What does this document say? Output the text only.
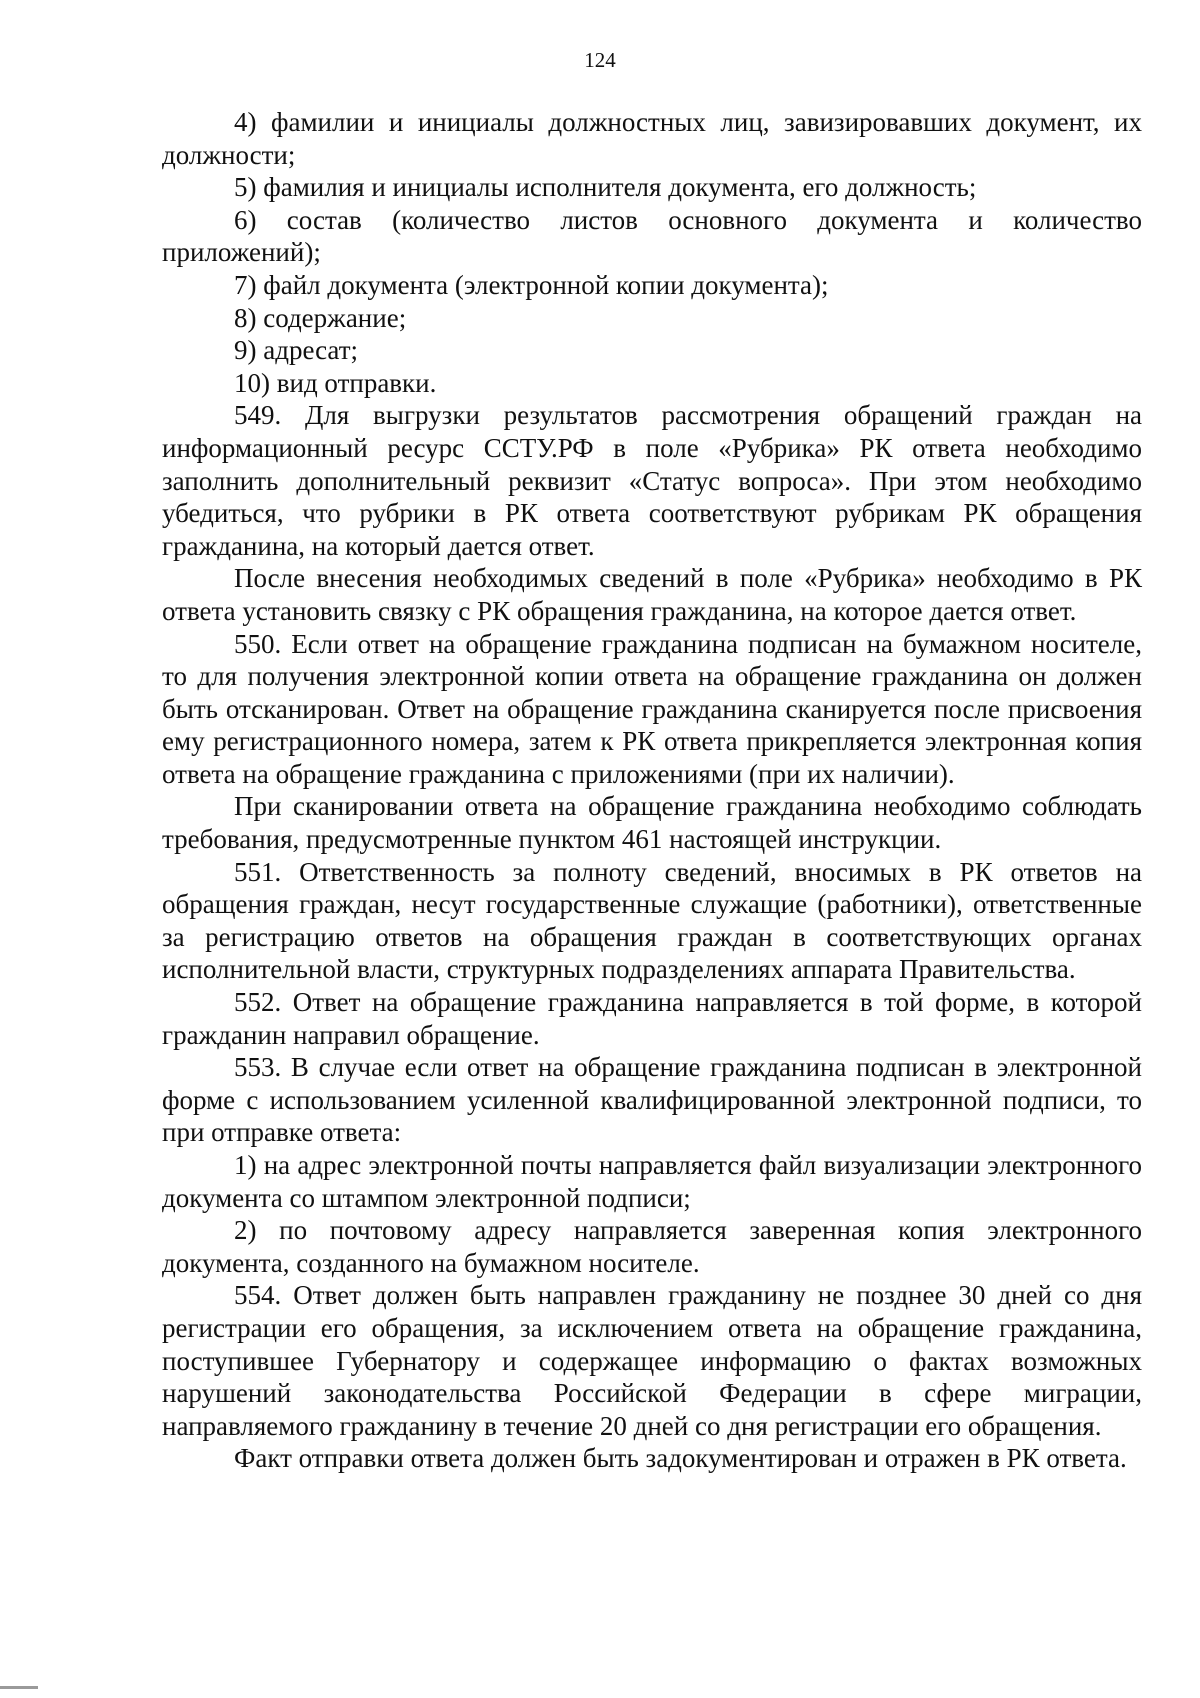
124

4) фамилии и инициалы должностных лиц, завизировавших документ, их должности;

5) фамилия и инициалы исполнителя документа, его должность;

6) состав (количество листов основного документа и количество приложений);

7) файл документа (электронной копии документа);

8) содержание;

9) адресат;

10) вид отправки.

549. Для выгрузки результатов рассмотрения обращений граждан на информационный ресурс ССТУ.РФ в поле «Рубрика» РК ответа необходимо заполнить дополнительный реквизит «Статус вопроса». При этом необходимо убедиться, что рубрики в РК ответа соответствуют рубрикам РК обращения гражданина, на который дается ответ.

После внесения необходимых сведений в поле «Рубрика» необходимо в РК ответа установить связку с РК обращения гражданина, на которое дается ответ.

550. Если ответ на обращение гражданина подписан на бумажном носителе, то для получения электронной копии ответа на обращение гражданина он должен быть отсканирован. Ответ на обращение гражданина сканируется после присвоения ему регистрационного номера, затем к РК ответа прикрепляется электронная копия ответа на обращение гражданина с приложениями (при их наличии).

При сканировании ответа на обращение гражданина необходимо соблюдать требования, предусмотренные пунктом 461 настоящей инструкции.

551. Ответственность за полноту сведений, вносимых в РК ответов на обращения граждан, несут государственные служащие (работники), ответственные за регистрацию ответов на обращения граждан в соответствующих органах исполнительной власти, структурных подразделениях аппарата Правительства.

552. Ответ на обращение гражданина направляется в той форме, в которой гражданин направил обращение.

553. В случае если ответ на обращение гражданина подписан в электронной форме с использованием усиленной квалифицированной электронной подписи, то при отправке ответа:

1) на адрес электронной почты направляется файл визуализации электронного документа со штампом электронной подписи;

2) по почтовому адресу направляется заверенная копия электронного документа, созданного на бумажном носителе.

554. Ответ должен быть направлен гражданину не позднее 30 дней со дня регистрации его обращения, за исключением ответа на обращение гражданина, поступившее Губернатору и содержащее информацию о фактах возможных нарушений законодательства Российской Федерации в сфере миграции, направляемого гражданину в течение 20 дней со дня регистрации его обращения.

Факт отправки ответа должен быть задокументирован и отражен в РК ответа.
